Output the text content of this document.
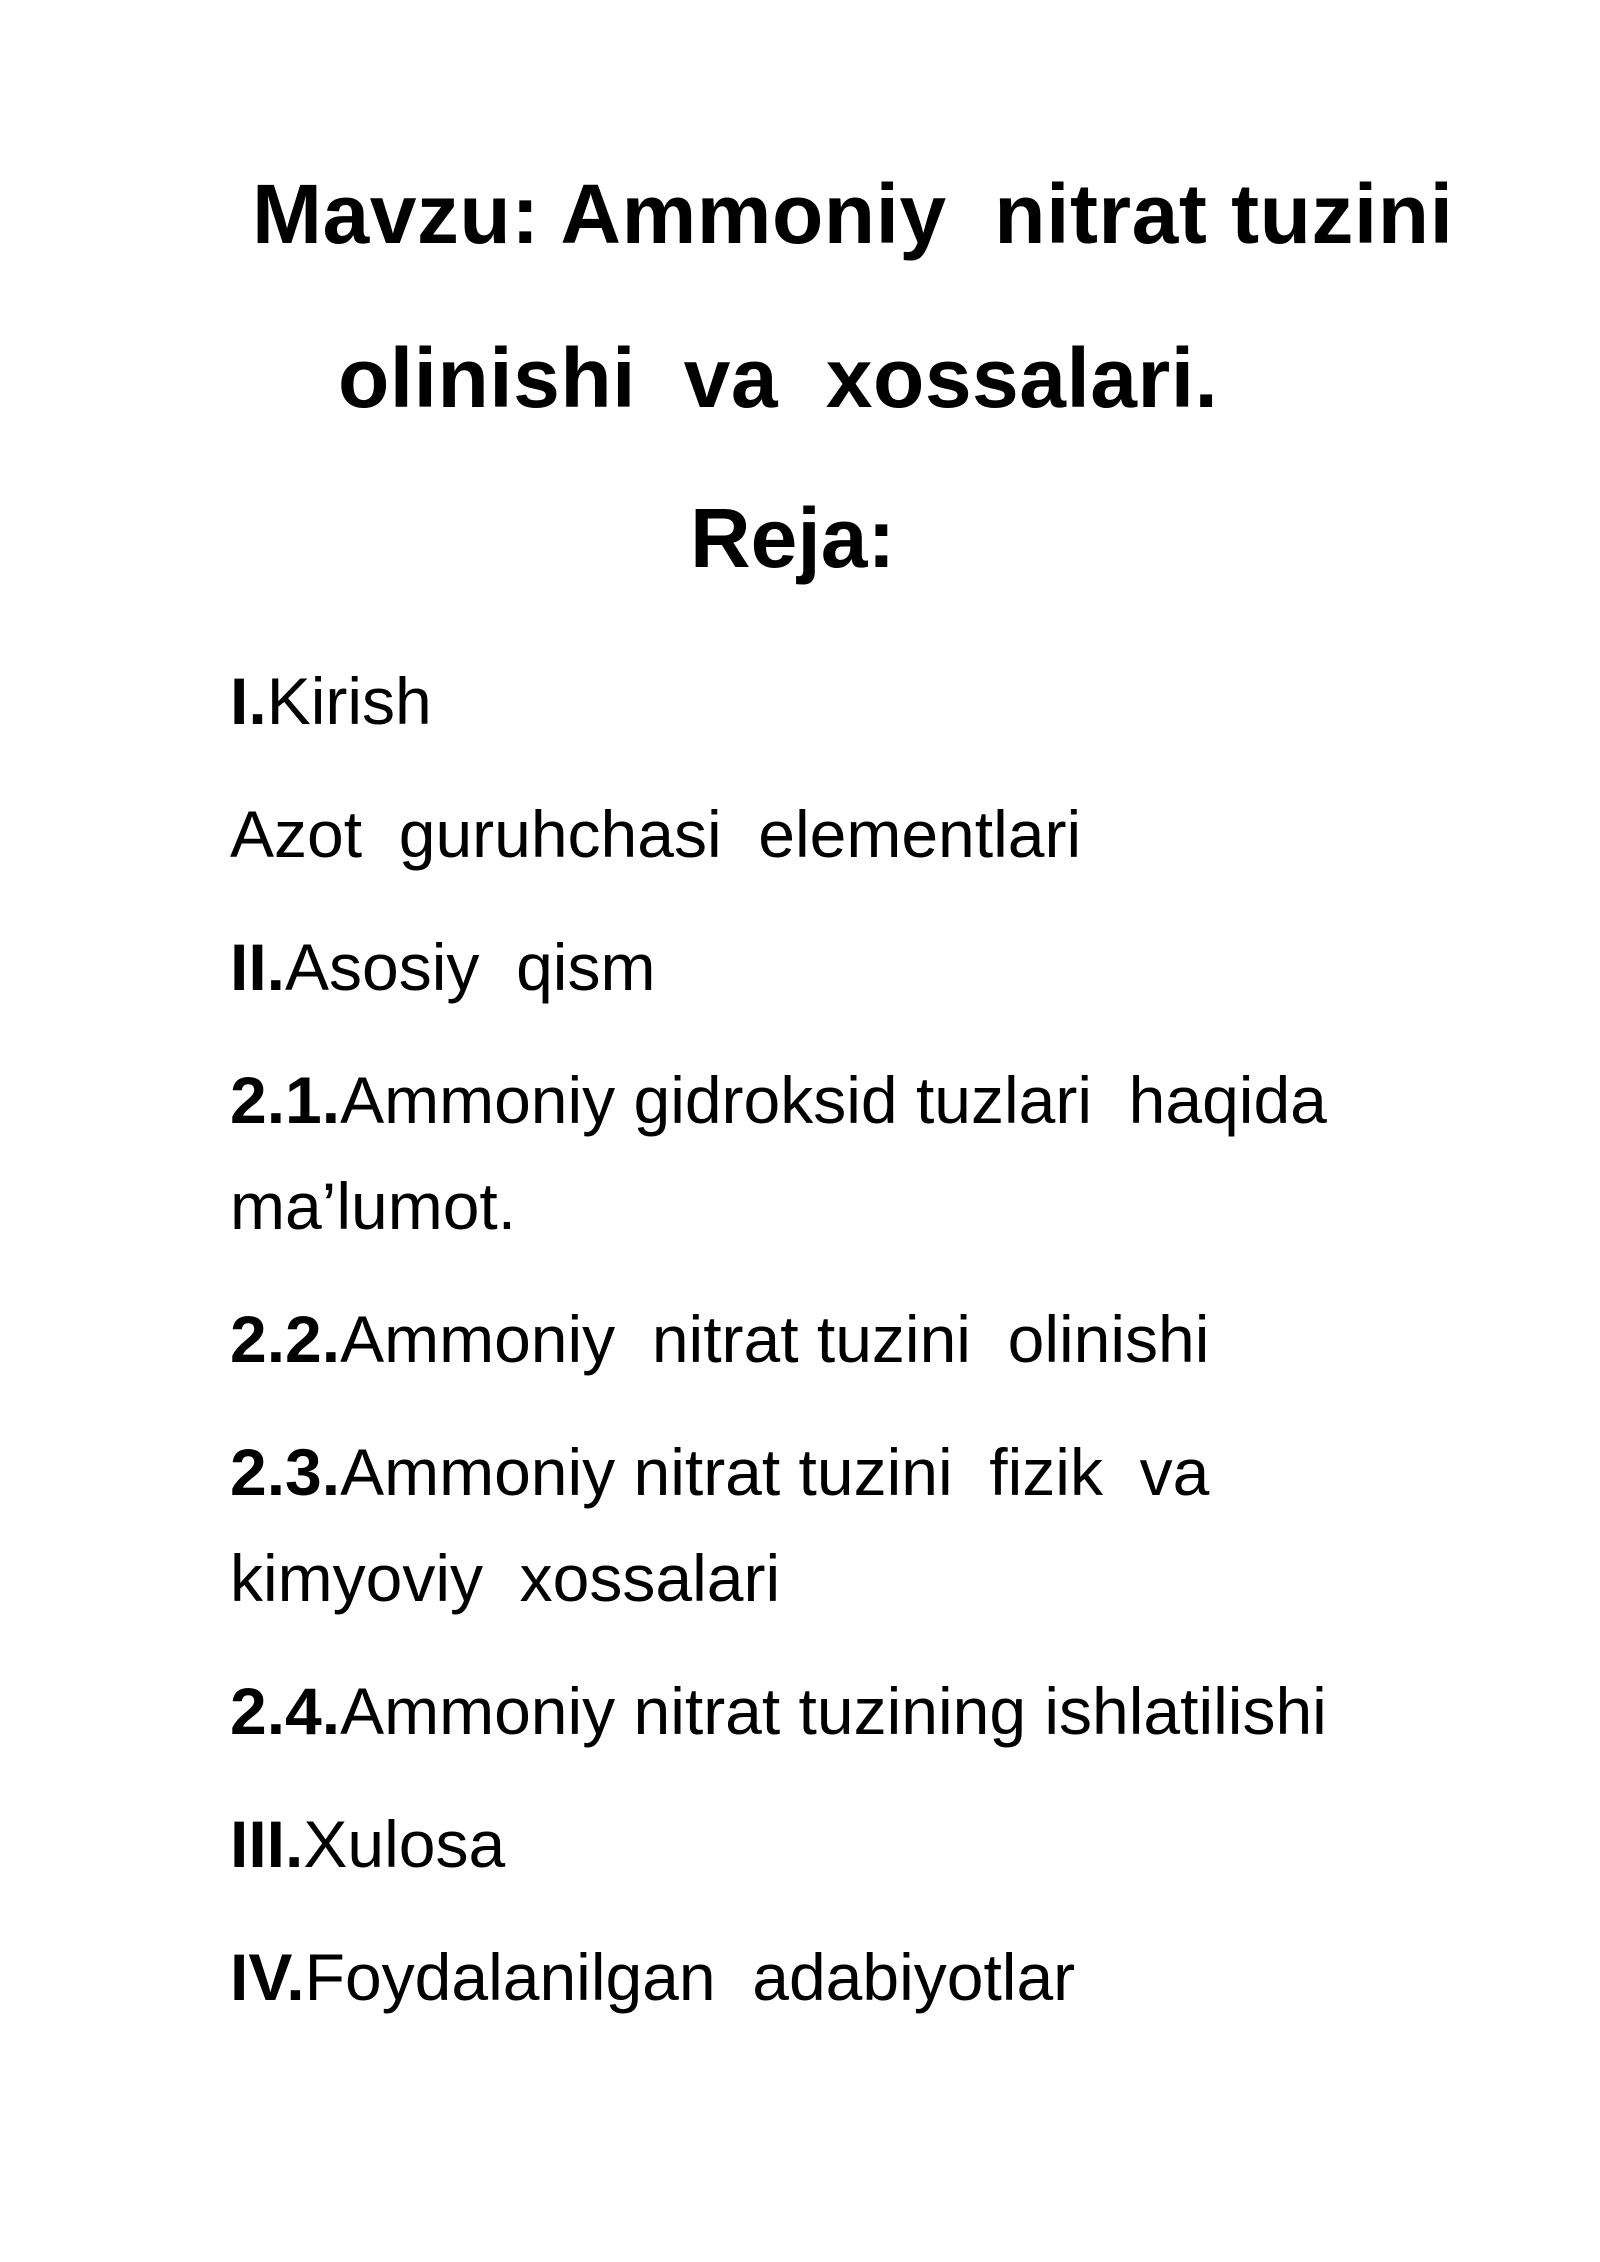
Mavzu: Ammoniy  nitrat tuzini
olinishi  va  xossalari.
Reja:
I.Kirish
Azot  guruhchasi  elementlari
II.Asosiy  qism
2.1.Ammoniy gidroksid tuzlari  haqida ma’lumot.
2.2.Ammoniy  nitrat tuzini  olinishi
2.3.Ammoniy nitrat tuzini  fizik  va kimyoviy  xossalari
2.4.Ammoniy nitrat tuzining ishlatilishi
III.Xulosa
IV.Foydalanilgan  adabiyotlar
